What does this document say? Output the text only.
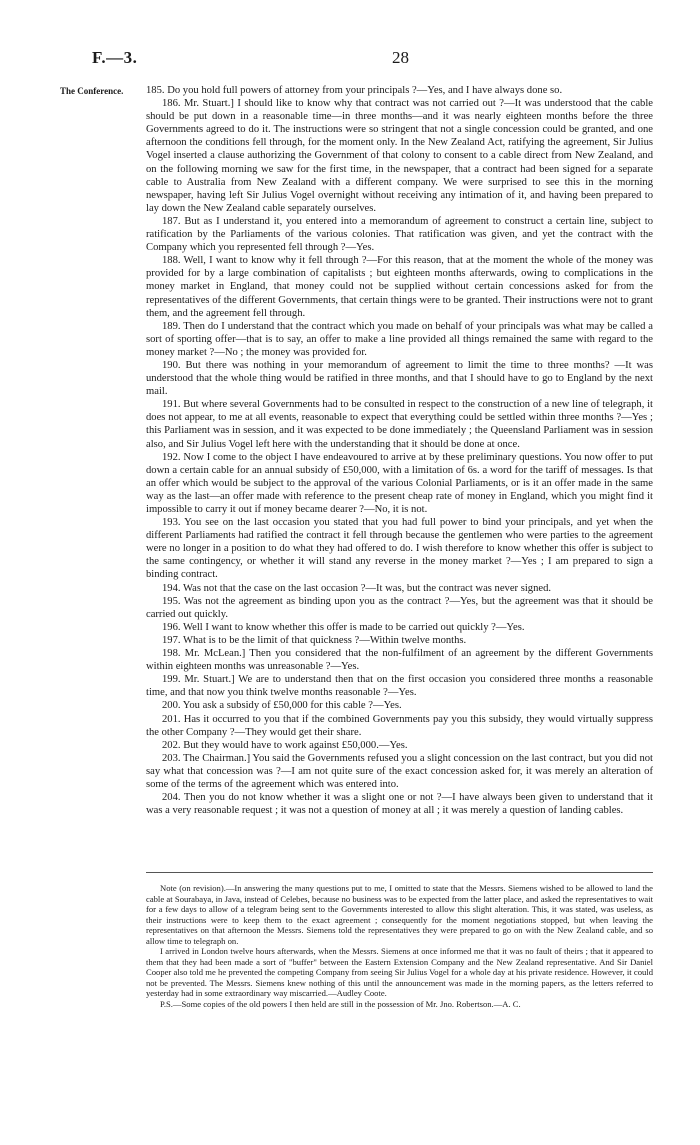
F.—3.	28
The Conference.	185. Do you hold full powers of attorney from your principals ?—Yes, and I have always done so.

186. Mr. Stuart.] I should like to know why that contract was not carried out ?—It was understood that the cable should be put down in a reasonable time—in three months—and it was nearly eighteen months before the three Governments agreed to do it. The instructions were so stringent that not a single concession could be granted, and one afternoon the conditions fell through, for the moment only. In the New Zealand Act, ratifying the agreement, Sir Julius Vogel inserted a clause authorizing the Government of that colony to consent to a cable direct from New Zealand, and on the following morning we saw for the first time, in the newspaper, that a contract had been signed for a separate cable to Australia from New Zealand with a different company. We were surprised to see this in the morning newspaper, having left Sir Julius Vogel overnight without receiving any intimation of it, and having been prepared to lay down the New Zealand cable separately ourselves.

187. But as I understand it, you entered into a memorandum of agreement to construct a certain line, subject to ratification by the Parliaments of the various colonies. That ratification was given, and yet the contract with the Company which you represented fell through ?—Yes.

188. Well, I want to know why it fell through ?—For this reason, that at the moment the whole of the money was provided for by a large combination of capitalists ; but eighteen months afterwards, owing to complications in the money market in England, that money could not be supplied without certain concessions asked for from the representatives of the different Governments, that certain things were to be granted. Their instructions were not to grant them, and the agreement fell through.

189. Then do I understand that the contract which you made on behalf of your principals was what may be called a sort of sporting offer—that is to say, an offer to make a line provided all things remained the same with regard to the money market ?—No ; the money was provided for.

190. But there was nothing in your memorandum of agreement to limit the time to three months? —It was understood that the whole thing would be ratified in three months, and that I should have to go to England by the next mail.

191. But where several Governments had to be consulted in respect to the construction of a new line of telegraph, it does not appear, to me at all events, reasonable to expect that everything could be settled within three months ?—Yes ; this Parliament was in session, and it was expected to be done immediately ; the Queensland Parliament was in session also, and Sir Julius Vogel left here with the understanding that it should be done at once.

192. Now I come to the object I have endeavoured to arrive at by these preliminary questions. You now offer to put down a certain cable for an annual subsidy of £50,000, with a limitation of 6s. a word for the tariff of messages. Is that an offer which would be subject to the approval of the various Colonial Parliaments, or is it an offer made in the same way as the last—an offer made with reference to the present cheap rate of money in England, which you might find it impossible to carry it out if money became dearer ?—No, it is not.

193. You see on the last occasion you stated that you had full power to bind your principals, and yet when the different Parliaments had ratified the contract it fell through because the gentlemen who were parties to the agreement were no longer in a position to do what they had offered to do. I wish therefore to know whether this offer is subject to the same contingency, or whether it will stand any reverse in the money market ?—Yes ; I am prepared to sign a binding contract.

194. Was not that the case on the last occasion ?—It was, but the contract was never signed.

195. Was not the agreement as binding upon you as the contract ?—Yes, but the agreement was that it should be carried out quickly.

196. Well I want to know whether this offer is made to be carried out quickly ?—Yes.

197. What is to be the limit of that quickness ?—Within twelve months.

198. Mr. McLean.] Then you considered that the non-fulfilment of an agreement by the different Governments within eighteen months was unreasonable ?—Yes.

199. Mr. Stuart.] We are to understand then that on the first occasion you considered three months a reasonable time, and that now you think twelve months reasonable ?—Yes.

200. You ask a subsidy of £50,000 for this cable ?—Yes.

201. Has it occurred to you that if the combined Governments pay you this subsidy, they would virtually suppress the other Company ?—They would get their share.

202. But they would have to work against £50,000.—Yes.

203. The Chairman.] You said the Governments refused you a slight concession on the last contract, but you did not say what that concession was ?—I am not quite sure of the exact concession asked for, it was merely an alteration of some of the terms of the agreement which was entered into.

204. Then you do not know whether it was a slight one or not ?—I have always been given to understand that it was a very reasonable request ; it was not a question of money at all ; it was merely a question of landing cables.

Note (on revision).—In answering the many questions put to me, I omitted to state that the Messrs. Siemens wished to be allowed to land the cable at Sourabaya, in Java, instead of Celebes, because no business was to be expected from the latter place, and asked the representatives to wait for a few days to allow of a telegram being sent to the Governments interested to allow this slight alteration. This, it was stated, was useless, as their instructions were to keep them to the exact agreement ; consequently for the moment negotiations stopped, but when leaving the representatives on that afternoon the Messrs. Siemens told the representatives they were prepared to go on with the New Zealand cable, and so allow time to telegraph on.

I arrived in London twelve hours afterwards, when the Messrs. Siemens at once informed me that it was no fault of theirs ; that it appeared to them that they had been made a sort of "buffer" between the Eastern Extension Company and the New Zealand representative. And Sir Daniel Cooper also told me he prevented the competing Company from seeing Sir Julius Vogel for a whole day at his private residence. However, it could not be prevented. The Messrs. Siemens knew nothing of this until the announcement was made in the morning papers, as the letters referred to yesterday had in some extraordinary way miscarried.—Audley Coote.

P.S.—Some copies of the old powers I then held are still in the possession of Mr. Jno. Robertson.—A. C.
